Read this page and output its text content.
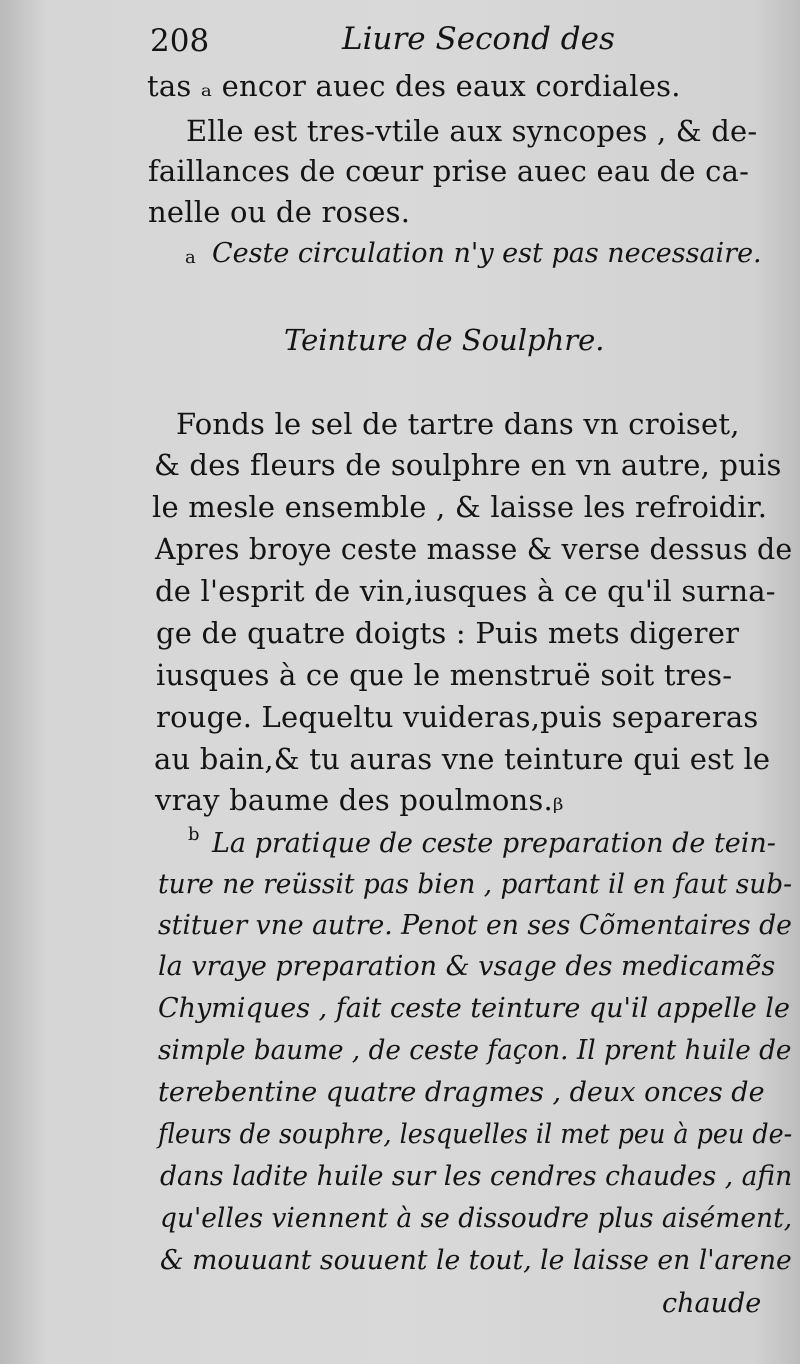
208	Liure Second des
tas ₐ encor auec des eaux cordiales.
Elle est tres-vtile aux syncopes , & de-
faillances de cœur prise auec eau de ca-
nelle ou de roses.
a Ceste circulation n'y est pas necessaire.
Teinture de Soulphre.
Fonds le sel de tartre dans vn croiset,
& des fleurs de soulphre en vn autre, puis
le mesle ensemble , & laisse les refroidir.
Apres broye ceste masse & verse dessus de
de l'esprit de vin,iusques à ce qu'il surna-
ge de quatre doigts : Puis mets digerer
iusques à ce que le menstruë soit tres-
rouge. Lequeltu vuideras,puis separeras
au bain,& tu auras vne teinture qui est le
vray baume des poulmons.ᵦ
b La pratique de ceste preparation de tein-
ture ne reüssit pas bien , partant il en faut sub-
stituer vne autre. Penot en ses Cõmentaires de
la vraye preparation & vsage des medicamẽs
Chymiques , fait ceste teinture qu'il appelle le
simple baume , de ceste façon. Il prent huile de
terebentine quatre dragmes , deux onces de
fleurs de souphre, lesquelles il met peu à peu de-
dans ladite huile sur les cendres chaudes , afin
qu'elles viennent à se dissoudre plus aisément,
& mouuant souuent le tout, le laisse en l'arene
chaude
